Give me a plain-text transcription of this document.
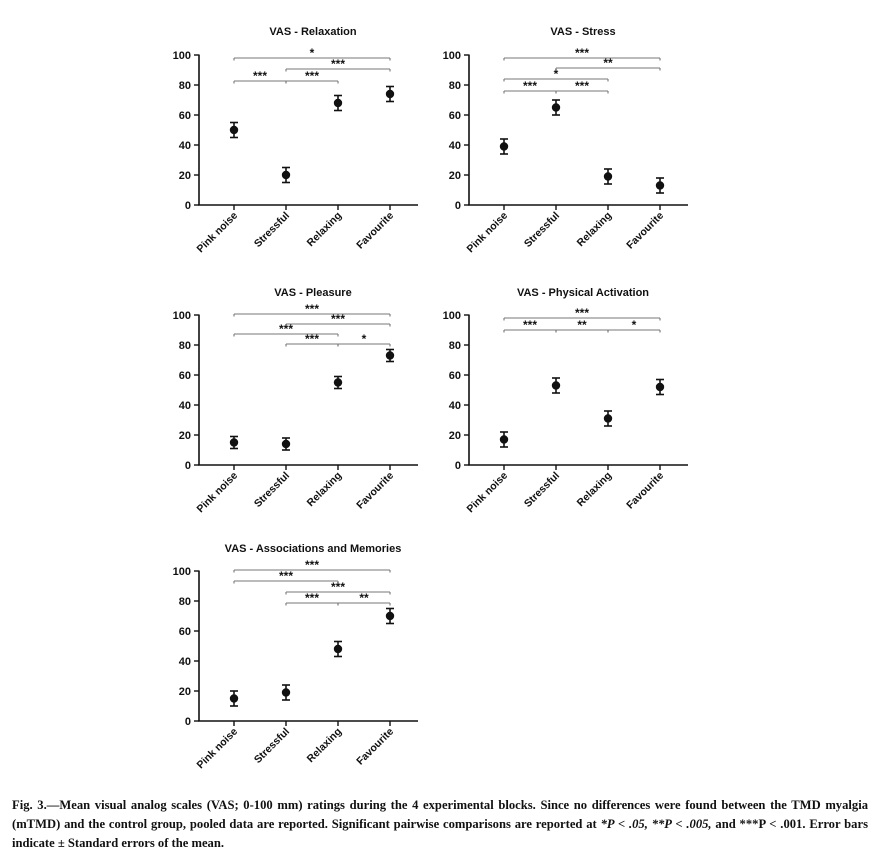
VAS - Relaxation
0
20
40
60
80
100
Pink noise Stressful Relaxing Favourite
*
***
***	***
VAS - Stress
0
20
40
60
80
100
Pink noise Stressful Relaxing Favourite
***
**
*
***	***
VAS - Pleasure
0
20
40
60
80
100
Pink noise Stressful Relaxing Favourite
***
***
***
***	*
VAS - Physical Activation
0
20
40
60
80
100
Pink noise Stressful Relaxing Favourite
***
***	**	*
VAS - Associations and Memories
0
20
40
60
80
100
Pink noise Stressful Relaxing Favourite
***
***
***
***	**
Fig. 3.—Mean visual analog scales (VAS; 0-100 mm) ratings during the 4 experimental blocks. Since no differences were found between the TMD myalgia (mTMD) and the control group, pooled data are reported. Significant pairwise comparisons are reported at *P < .05, **P < .005, and ***P < .001. Error bars indicate ± Standard errors of the mean.
